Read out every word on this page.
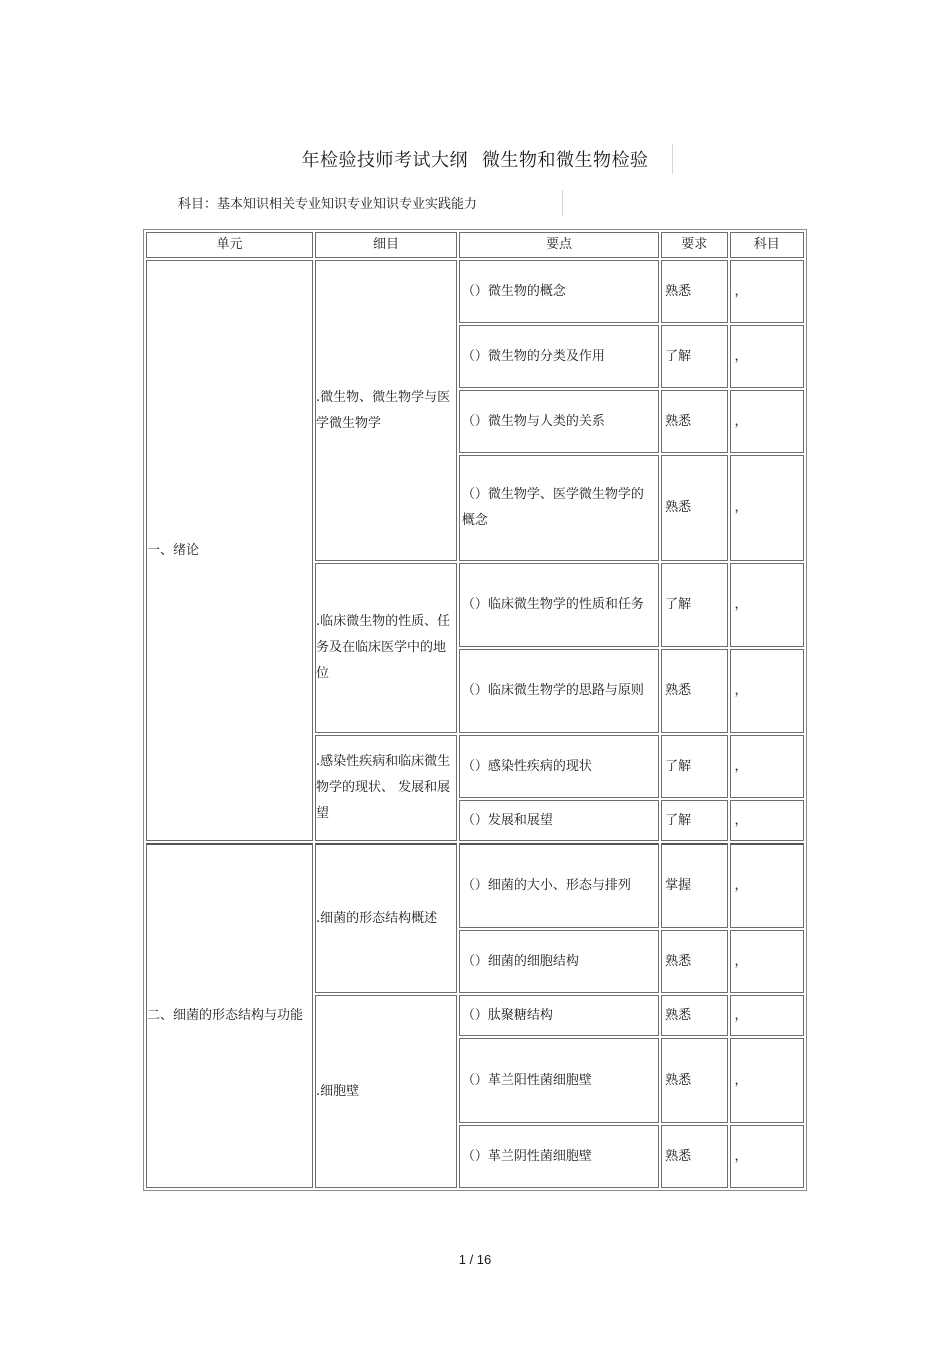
年检验技师考试大纲 微生物和微生物检验
科目：基本知识相关专业知识专业知识专业实践能力
单元	细目	要点	要求	科目
一、绪论	.微生物、微生物学与医学微生物学	（）微生物的概念	熟悉	，
		（）微生物的分类及作用	了解	，
		（）微生物与人类的关系	熟悉	，
		（）微生物学、医学微生物学的概念	熟悉	，
	.临床微生物的性质、任务及在临床医学中的地位	（）临床微生物学的性质和任务	了解	，
		（）临床微生物学的思路与原则	熟悉	，
	.感染性疾病和临床微生物学的现状、 发展和展望	（）感染性疾病的现状	了解	，
		（）发展和展望	了解	，
二、细菌的形态结构与功能	.细菌的形态结构概述	（）细菌的大小、形态与排列	掌握	，
		（）细菌的细胞结构	熟悉	，
	.细胞壁	（）肽聚糖结构	熟悉	，
		（）革兰阳性菌细胞壁	熟悉	，
		（）革兰阴性菌细胞壁	熟悉	，
1 / 16
